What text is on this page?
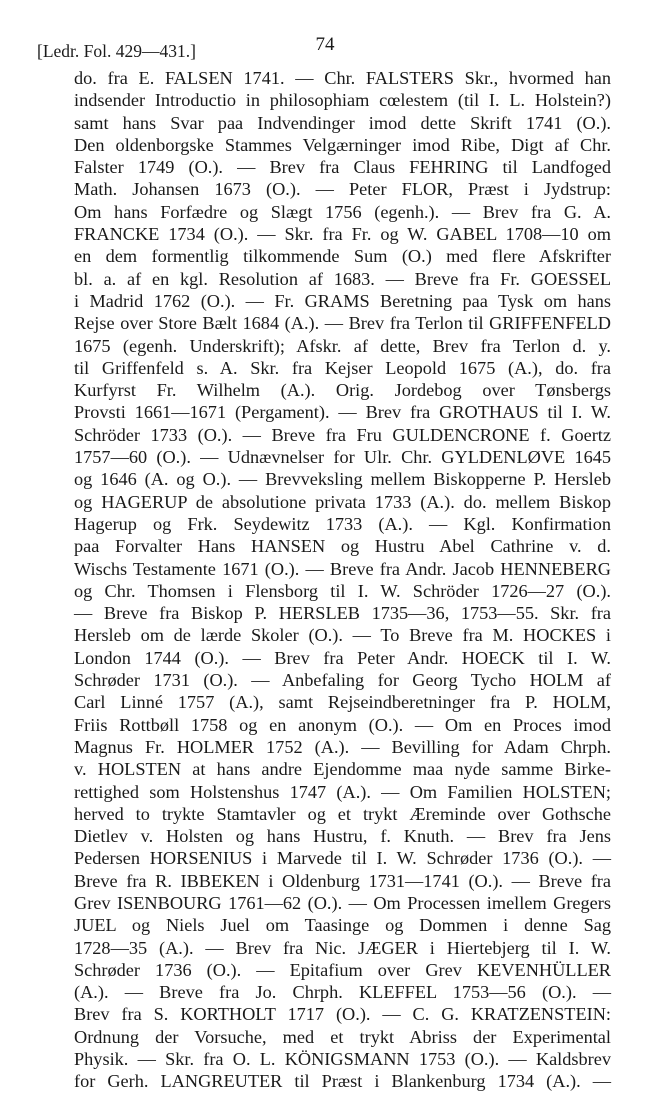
74
[Ledr. Fol. 429—431.]
do. fra E. FALSEN 1741. — Chr. FALSTERS Skr., hvormed han
indsender Introductio in philosophiam cœlestem (til I. L. Holstein?)
samt hans Svar paa Indvendinger imod dette Skrift 1741 (O.).
Den oldenborgske Stammes Velgærninger imod Ribe, Digt af Chr.
Falster 1749 (O.). — Brev fra Claus FEHRING til Landfoged
Math. Johansen 1673 (O.). — Peter FLOR, Præst i Jydstrup:
Om hans Forfædre og Slægt 1756 (egenh.). — Brev fra G. A.
FRANCKE 1734 (O.). — Skr. fra Fr. og W. GABEL 1708—10 om
en dem formentlig tilkommende Sum (O.) med flere Afskrifter
bl. a. af en kgl. Resolution af 1683. — Breve fra Fr. GOESSEL
i Madrid 1762 (O.). — Fr. GRAMS Beretning paa Tysk om hans
Rejse over Store Bælt 1684 (A.). — Brev fra Terlon til GRIFFENFELD
1675 (egenh. Underskrift); Afskr. af dette, Brev fra Terlon d. y.
til Griffenfeld s. A. Skr. fra Kejser Leopold 1675 (A.), do. fra
Kurfyrst Fr. Wilhelm (A.). Orig. Jordebog over Tønsbergs
Provsti 1661—1671 (Pergament). — Brev fra GROTHAUS til I. W.
Schröder 1733 (O.). — Breve fra Fru GULDENCRONE f. Goertz
1757—60 (O.). — Udnævnelser for Ulr. Chr. GYLDENLØVE 1645
og 1646 (A. og O.). — Brevveksling mellem Biskopperne P. Hersleb
og HAGERUP de absolutione privata 1733 (A.). do. mellem Biskop
Hagerup og Frk. Seydewitz 1733 (A.). — Kgl. Konfirmation
paa Forvalter Hans HANSEN og Hustru Abel Cathrine v. d.
Wischs Testamente 1671 (O.). — Breve fra Andr. Jacob HENNEBERG
og Chr. Thomsen i Flensborg til I. W. Schröder 1726—27 (O.).
— Breve fra Biskop P. HERSLEB 1735—36, 1753—55. Skr. fra
Hersleb om de lærde Skoler (O.). — To Breve fra M. HOCKES i
London 1744 (O.). — Brev fra Peter Andr. HOECK til I. W.
Schrøder 1731 (O.). — Anbefaling for Georg Tycho HOLM af
Carl Linné 1757 (A.), samt Rejseindberetninger fra P. HOLM,
Friis Rottbøll 1758 og en anonym (O.). — Om en Proces imod
Magnus Fr. HOLMER 1752 (A.). — Bevilling for Adam Chrph.
v. HOLSTEN at hans andre Ejendomme maa nyde samme Birke-
rettighed som Holstenshus 1747 (A.). — Om Familien HOLSTEN;
herved to trykte Stamtavler og et trykt Æreminde over Gothsche
Dietlev v. Holsten og hans Hustru, f. Knuth. — Brev fra Jens
Pedersen HORSENIUS i Marvede til I. W. Schrøder 1736 (O.). —
Breve fra R. IBBEKEN i Oldenburg 1731—1741 (O.). — Breve fra
Grev ISENBOURG 1761—62 (O.). — Om Processen imellem Gregers
JUEL og Niels Juel om Taasinge og Dommen i denne Sag
1728—35 (A.). — Brev fra Nic. JÆGER i Hiertebjerg til I. W.
Schrøder 1736 (O.). — Epitafium over Grev KEVENHÜLLER
(A.). — Breve fra Jo. Chrph. KLEFFEL 1753—56 (O.). —
Brev fra S. KORTHOLT 1717 (O.). — C. G. KRATZENSTEIN:
Ordnung der Vorsuche, med et trykt Abriss der Experimental
Physik. — Skr. fra O. L. KÖNIGSMANN 1753 (O.). — Kaldsbrev
for Gerh. LANGREUTER til Præst i Blankenburg 1734 (A.). —
